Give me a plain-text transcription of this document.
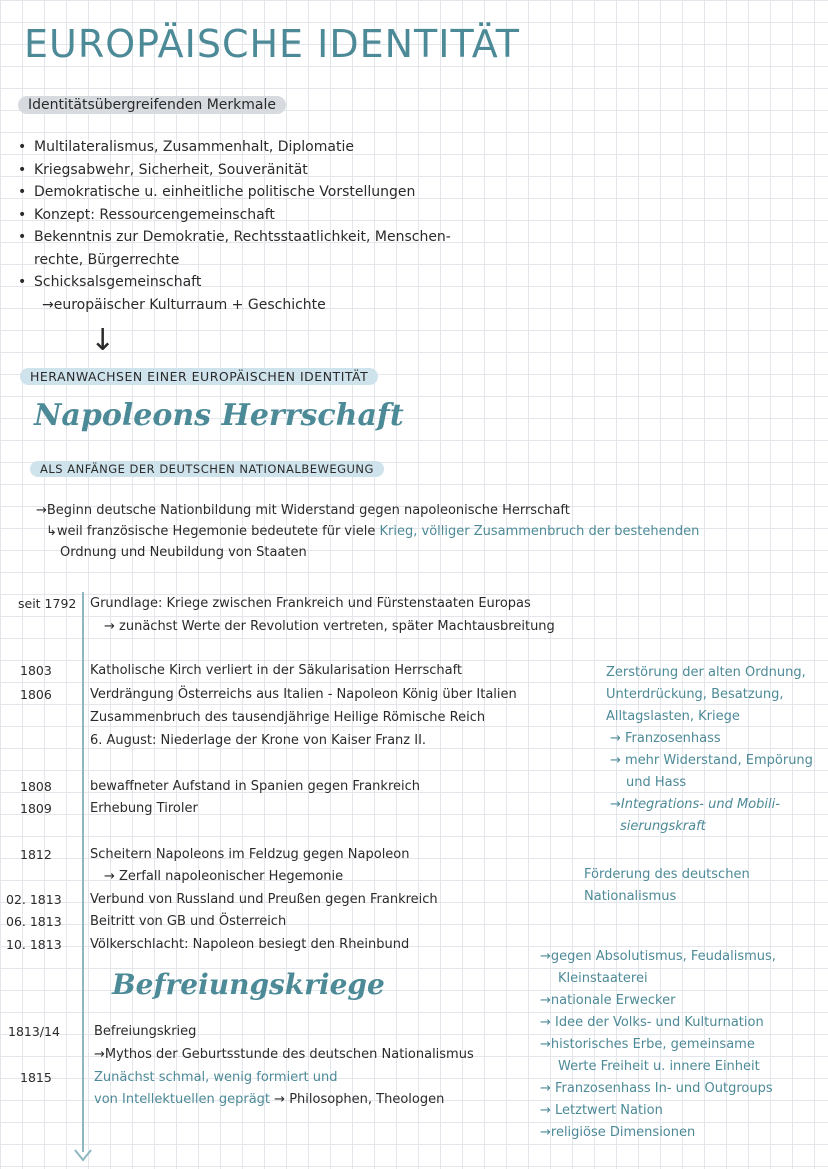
EUROPÄISCHE IDENTITÄT
Identitätsübergreifenden Merkmale
• Multilateralismus, Zusammenhalt, Diplomatie
• Kriegsabwehr, Sicherheit, Souveränität
• Demokratische u. einheitliche politische Vorstellungen
• Konzept: Ressourcengemeinschaft
• Bekenntnis zur Demokratie, Rechtsstaatlichkeit, Menschen-
rechte, Bürgerrechte
• Schicksalsgemeinschaft
→europäischer Kulturraum + Geschichte
↓
HERANWACHSEN EINER EUROPÄISCHEN IDENTITÄT
Napoleons Herrschaft
ALS ANFÄNGE DER DEUTSCHEN NATIONALBEWEGUNG
→Beginn deutsche Nationbildung mit Widerstand gegen napoleonische Herrschaft
↳weil französische Hegemonie bedeutete für viele Krieg, völliger Zusammenbruch der bestehenden
Ordnung und Neubildung von Staaten
seit 1792 Grundlage: Kriege zwischen Frankreich und Fürstenstaaten Europas
→ zunächst Werte der Revolution vertreten, später Machtausbreitung
1803	Katholische Kirch verliert in der Säkularisation Herrschaft
1806	Verdrängung Österreichs aus Italien - Napoleon König über Italien
Zusammenbruch des tausendjährige Heilige Römische Reich
6. August: Niederlage der Krone von Kaiser Franz II.
1808	bewaffneter Aufstand in Spanien gegen Frankreich
1809	Erhebung Tiroler
1812	Scheitern Napoleons im Feldzug gegen Napoleon
→ Zerfall napoleonischer Hegemonie
02. 1813 Verbund von Russland und Preußen gegen Frankreich
06. 1813 Beitritt von GB und Österreich
10. 1813 Völkerschlacht: Napoleon besiegt den Rheinbund
Zerstörung der alten Ordnung,
Unterdrückung, Besatzung,
Alltagslasten, Kriege
→ Franzosenhass
→ mehr Widerstand, Empörung
und Hass
→Integrations- und Mobili-
sierungskraft
Förderung des deutschen
Nationalismus
Befreiungskriege
1813/14	Befreiungskrieg
→Mythos der Geburtsstunde des deutschen Nationalismus
1815	Zunächst schmal, wenig formiert und
von Intellektuellen geprägt → Philosophen, Theologen
→gegen Absolutismus, Feudalismus,
Kleinstaaterei
→nationale Erwecker
→ Idee der Volks- und Kulturnation
→historisches Erbe, gemeinsame
Werte Freiheit u. innere Einheit
→ Franzosenhass In- und Outgroups
→ Letztwert Nation
→religiöse Dimensionen
